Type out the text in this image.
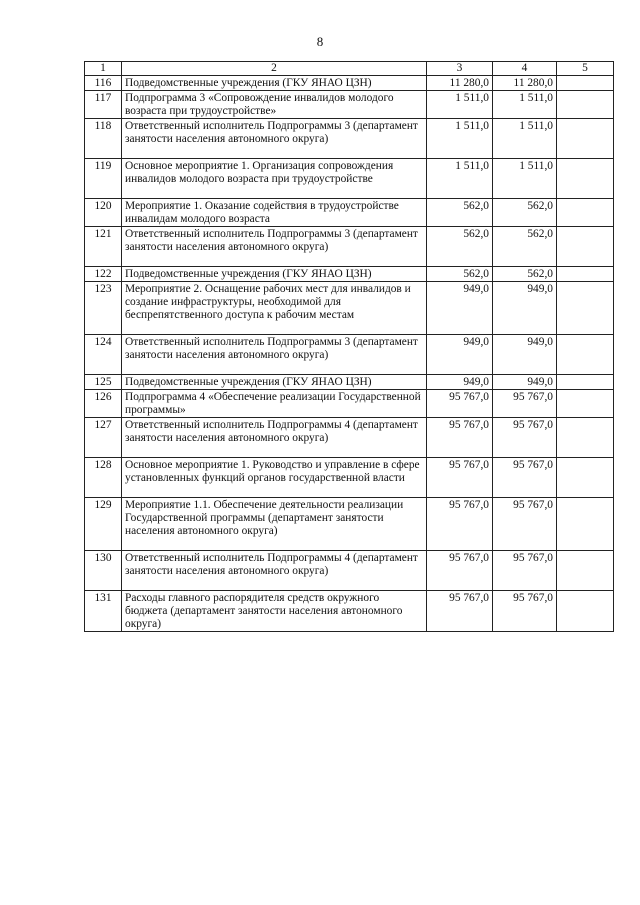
8
1	2	3	4	5
116	Подведомственные учреждения (ГКУ ЯНАО ЦЗН)	11 280,0	11 280,0	
117	Подпрограмма 3 «Сопровождение инвалидов молодого возраста при трудоустройстве»	1 511,0	1 511,0	
118	Ответственный исполнитель Подпрограммы 3 (департамент занятости населения автономного округа)	1 511,0	1 511,0	
119	Основное мероприятие 1. Организация сопровождения инвалидов молодого возраста при трудоустройстве	1 511,0	1 511,0	
120	Мероприятие 1. Оказание содействия в трудоустройстве инвалидам молодого возраста	562,0	562,0	
121	Ответственный исполнитель Подпрограммы 3 (департамент занятости населения автономного округа)	562,0	562,0	
122	Подведомственные учреждения (ГКУ ЯНАО ЦЗН)	562,0	562,0	
123	Мероприятие 2. Оснащение рабочих мест для инвалидов и создание инфраструктуры, необходимой для беспрепятственного доступа к рабочим местам	949,0	949,0	
124	Ответственный исполнитель Подпрограммы 3 (департамент занятости населения автономного округа)	949,0	949,0	
125	Подведомственные учреждения (ГКУ ЯНАО ЦЗН)	949,0	949,0	
126	Подпрограмма 4 «Обеспечение реализации Государственной программы»	95 767,0	95 767,0	
127	Ответственный исполнитель Подпрограммы 4 (департамент занятости населения автономного округа)	95 767,0	95 767,0	
128	Основное мероприятие 1. Руководство и управление в сфере установленных функций органов государственной власти	95 767,0	95 767,0	
129	Мероприятие 1.1. Обеспечение деятельности реализации Государственной программы (департамент занятости населения автономного округа)	95 767,0	95 767,0	
130	Ответственный исполнитель Подпрограммы 4 (департамент занятости населения автономного округа)	95 767,0	95 767,0	
131	Расходы главного распорядителя средств окружного бюджета (департамент занятости населения автономного округа)	95 767,0	95 767,0	
